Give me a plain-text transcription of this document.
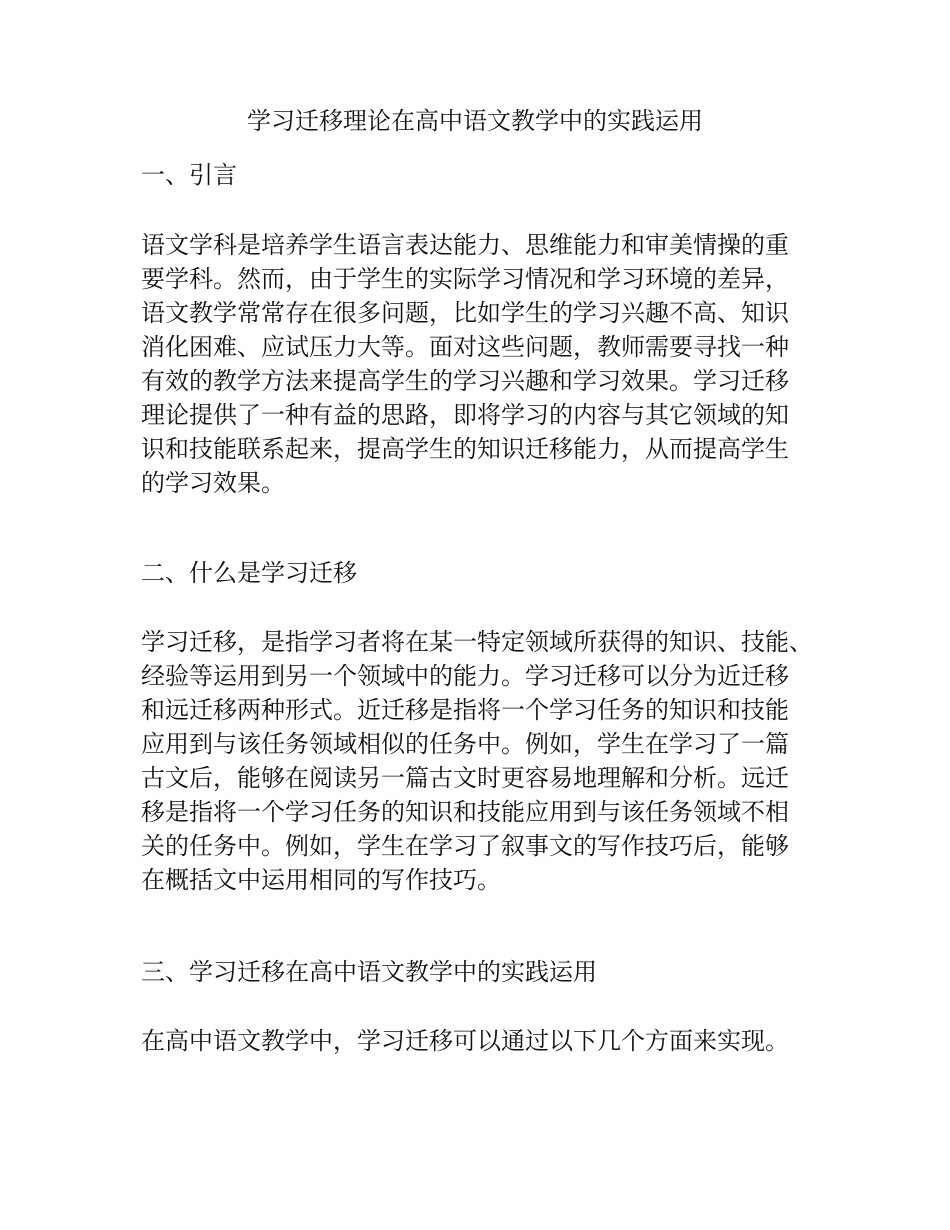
学习迁移理论在高中语文教学中的实践运用
一、引言
语文学科是培养学生语言表达能力、思维能力和审美情操的重
要学科。然而，由于学生的实际学习情况和学习环境的差异，
语文教学常常存在很多问题，比如学生的学习兴趣不高、知识
消化困难、应试压力大等。面对这些问题，教师需要寻找一种
有效的教学方法来提高学生的学习兴趣和学习效果。学习迁移
理论提供了一种有益的思路，即将学习的内容与其它领域的知
识和技能联系起来，提高学生的知识迁移能力，从而提高学生
的学习效果。
二、什么是学习迁移
学习迁移，是指学习者将在某一特定领域所获得的知识、技能、
经验等运用到另一个领域中的能力。学习迁移可以分为近迁移
和远迁移两种形式。近迁移是指将一个学习任务的知识和技能
应用到与该任务领域相似的任务中。例如，学生在学习了一篇
古文后，能够在阅读另一篇古文时更容易地理解和分析。远迁
移是指将一个学习任务的知识和技能应用到与该任务领域不相
关的任务中。例如，学生在学习了叙事文的写作技巧后，能够
在概括文中运用相同的写作技巧。
三、学习迁移在高中语文教学中的实践运用
在高中语文教学中，学习迁移可以通过以下几个方面来实现。
